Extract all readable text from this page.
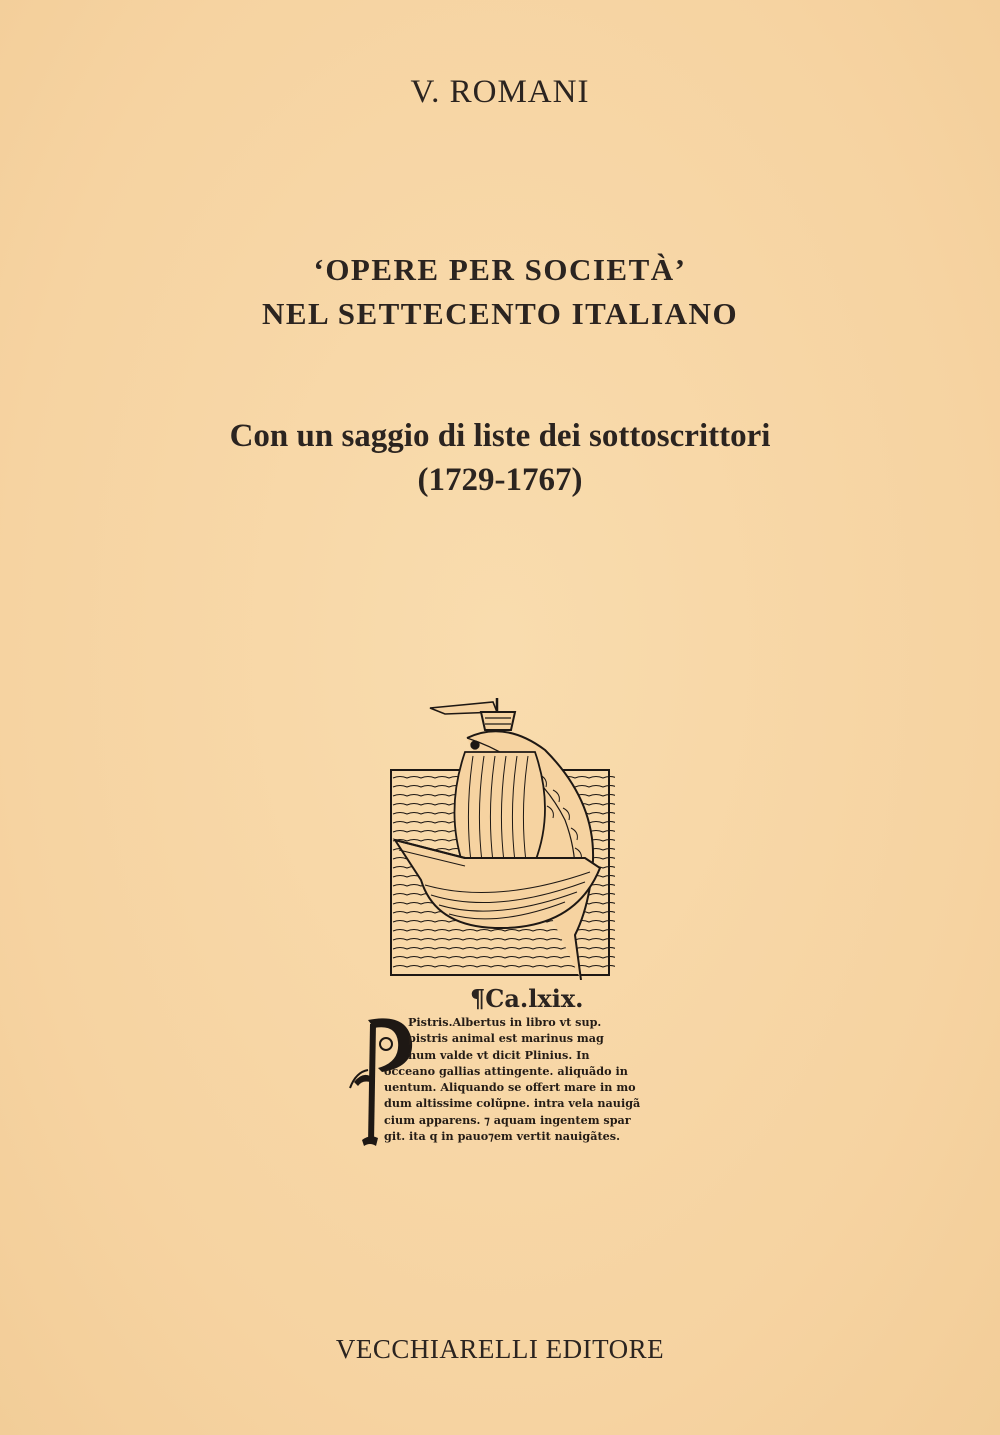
V. ROMANI
‘OPERE PER SOCIETÀ’
NEL SETTECENTO ITALIANO
Con un saggio di liste dei sottoscrittori
(1729-1767)
¶Ca.lxix.
Pistris.Albertus in libro vt sup.
pistris animal est marinus mag
num valde vt dicit Plinius. In
occeano gallias attingente. aliquãdo in
uentum. Aliquando se offert mare in mo
dum altissime colũpne. intra vela nauigã
cium apparens. ⁊ aquam ingentem spar
git. ita q in pauo⁊em vertit nauigãtes.
VECCHIARELLI EDITORE
